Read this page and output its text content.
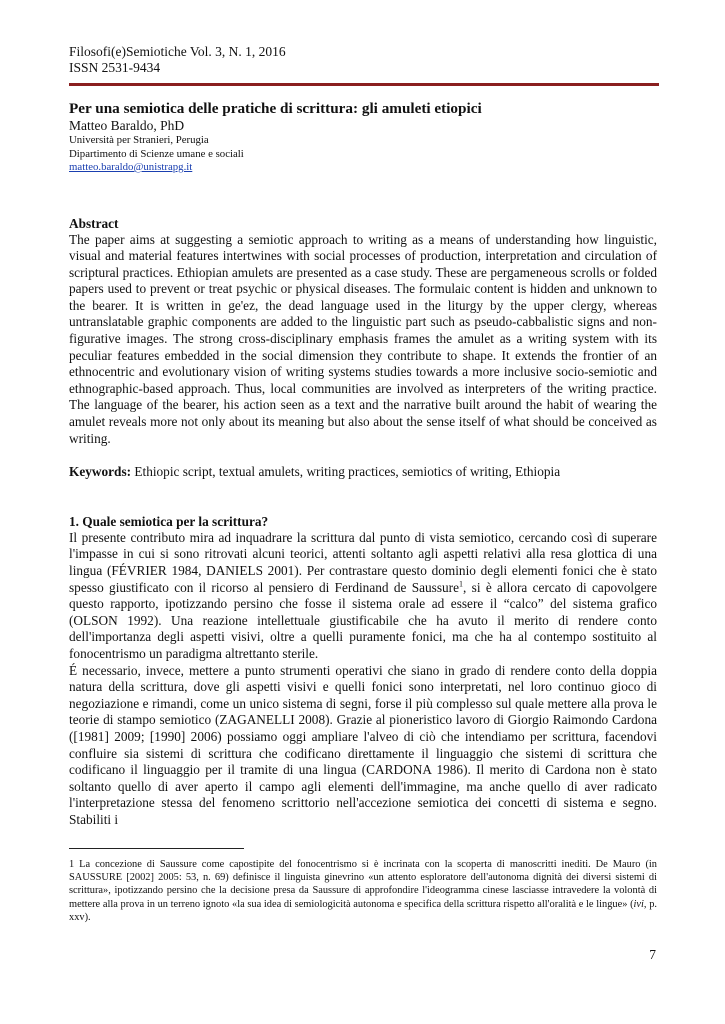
Filosofi(e)Semiotiche Vol. 3, N. 1, 2016
ISSN 2531-9434
Per una semiotica delle pratiche di scrittura: gli amuleti etiopici
Matteo Baraldo, PhD
Università per Stranieri, Perugia
Dipartimento di Scienze umane e sociali
matteo.baraldo@unistrapg.it
Abstract
The paper aims at suggesting a semiotic approach to writing as a means of understanding how linguistic, visual and material features intertwines with social processes of production, interpretation and circulation of scriptural practices. Ethiopian amulets are presented as a case study. These are pergameneous scrolls or folded papers used to prevent or treat psychic or physical diseases. The formulaic content is hidden and unknown to the bearer. It is written in ge'ez, the dead language used in the liturgy by the upper clergy, whereas untranslatable graphic components are added to the linguistic part such as pseudo-cabbalistic signs and non-figurative images. The strong cross-disciplinary emphasis frames the amulet as a writing system with its peculiar features embedded in the social dimension they contribute to shape. It extends the frontier of an ethnocentric and evolutionary vision of writing systems studies towards a more inclusive socio-semiotic and ethnographic-based approach. Thus, local communities are involved as interpreters of the writing practice. The language of the bearer, his action seen as a text and the narrative built around the habit of wearing the amulet reveals more not only about its meaning but also about the sense itself of what should be conceived as writing.
Keywords: Ethiopic script, textual amulets, writing practices, semiotics of writing, Ethiopia
1. Quale semiotica per la scrittura?
Il presente contributo mira ad inquadrare la scrittura dal punto di vista semiotico, cercando così di superare l'impasse in cui si sono ritrovati alcuni teorici, attenti soltanto agli aspetti relativi alla resa glottica di una lingua (FÉVRIER 1984, DANIELS 2001). Per contrastare questo dominio degli elementi fonici che è stato spesso giustificato con il ricorso al pensiero di Ferdinand de Saussure$^1$, si è allora cercato di capovolgere questo rapporto, ipotizzando persino che fosse il sistema orale ad essere il “calco” del sistema grafico (OLSON 1992). Una reazione intellettuale giustificabile che ha avuto il merito di rendere conto dell'importanza degli aspetti visivi, oltre a quelli puramente fonici, ma che ha al contempo sostituito al fonocentrismo un paradigma altrettanto sterile.
É necessario, invece, mettere a punto strumenti operativi che siano in grado di rendere conto della doppia natura della scrittura, dove gli aspetti visivi e quelli fonici sono interpretati, nel loro continuo gioco di negoziazione e rimandi, come un unico sistema di segni, forse il più complesso sul quale mettere alla prova le teorie di stampo semiotico (ZAGANELLI 2008). Grazie al pioneristico lavoro di Giorgio Raimondo Cardona ([1981] 2009; [1990] 2006) possiamo oggi ampliare l'alveo di ciò che intendiamo per scrittura, facendovi confluire sia sistemi di scrittura che codificano direttamente il linguaggio che sistemi di scrittura che codificano il linguaggio per il tramite di una lingua (CARDONA 1986). Il merito di Cardona non è stato soltanto quello di aver aperto il campo agli elementi dell'immagine, ma anche quello di aver radicato l'interpretazione stessa del fenomeno scrittorio nell'accezione semiotica dei concetti di sistema e segno. Stabiliti i
1 La concezione di Saussure come capostipite del fonocentrismo si è incrinata con la scoperta di manoscritti inediti. De Mauro (in SAUSSURE [2002] 2005: 53, n. 69) definisce il linguista ginevrino «un attento esploratore dell'autonoma dignità dei diversi sistemi di scrittura», ipotizzando persino che la decisione presa da Saussure di approfondire l'ideogramma cinese lasciasse intravedere la volontà di mettere alla prova in un terreno ignoto «la sua idea di semiologicità autonoma e specifica della scrittura rispetto all'oralità e le lingue» (ivi, p. xxv).
7
